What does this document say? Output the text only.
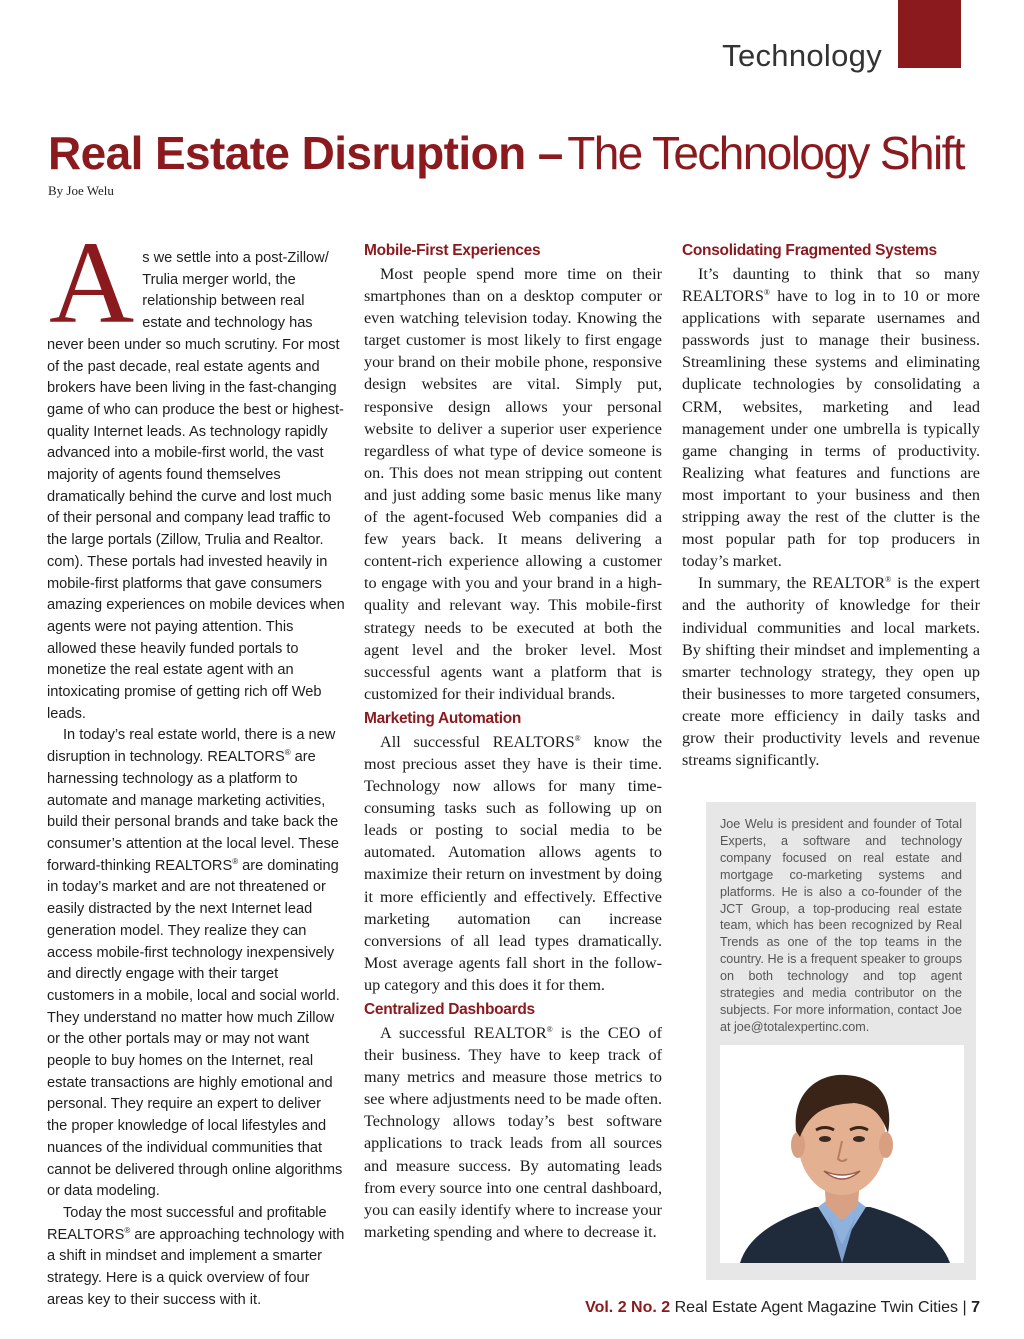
Technology
Real Estate Disruption – The Technology Shift
By Joe Welu
A s we settle into a post-Zillow/ Trulia merger world, the relationship between real estate and technology has never been under so much scrutiny. For most of the past decade, real estate agents and brokers have been living in the fast-changing game of who can produce the best or highest-quality Internet leads. As technology rapidly advanced into a mobile-first world, the vast majority of agents found themselves dramatically behind the curve and lost much of their personal and company lead traffic to the large portals (Zillow, Trulia and Realtor. com). These portals had invested heavily in mobile-first platforms that gave consumers amazing experiences on mobile devices when agents were not paying attention. This allowed these heavily funded portals to monetize the real estate agent with an intoxicating promise of getting rich off Web leads.

In today’s real estate world, there is a new disruption in technology. REALTORS® are harnessing technology as a platform to automate and manage marketing activities, build their personal brands and take back the consumer’s attention at the local level. These forward-thinking REALTORS® are dominating in today’s market and are not threatened or easily distracted by the next Internet lead generation model. They realize they can access mobile-first technology inexpensively and directly engage with their target customers in a mobile, local and social world. They understand no matter how much Zillow or the other portals may or may not want people to buy homes on the Internet, real estate transactions are highly emotional and personal. They require an expert to deliver the proper knowledge of local lifestyles and nuances of the individual communities that cannot be delivered through online algorithms or data modeling.

Today the most successful and profitable REALTORS® are approaching technology with a shift in mindset and implement a smarter strategy. Here is a quick overview of four areas key to their success with it.

Mobile-First Experiences

Most people spend more time on their smartphones than on a desktop computer or even watching television today. Knowing the target customer is most likely to first engage your brand on their mobile phone, responsive design websites are vital. Simply put, responsive design allows your personal website to deliver a superior user experience regardless of what type of device someone is on. This does not mean stripping out content and just adding some basic menus like many of the agent-focused Web companies did a few years back. It means delivering a content-rich experience allowing a customer to engage with you and your brand in a high-quality and relevant way. This mobile-first strategy needs to be executed at both the agent level and the broker level. Most successful agents want a platform that is customized for their individual brands.

Marketing Automation

All successful REALTORS® know the most precious asset they have is their time. Technology now allows for many time-consuming tasks such as following up on leads or posting to social media to be automated. Automation allows agents to maximize their return on investment by doing it more efficiently and effectively. Effective marketing automation can increase conversions of all lead types dramatically. Most average agents fall short in the follow-up category and this does it for them.

Centralized Dashboards

A successful REALTOR® is the CEO of their business. They have to keep track of many metrics and measure those metrics to see where adjustments need to be made often. Technology allows today’s best software applications to track leads from all sources and measure success. By automating leads from every source into one central dashboard, you can easily identify where to increase your marketing spending and where to decrease it.

Consolidating Fragmented Systems

It’s daunting to think that so many REALTORS® have to log in to 10 or more applications with separate usernames and passwords just to manage their business. Streamlining these systems and eliminating duplicate technologies by consolidating a CRM, websites, marketing and lead management under one umbrella is typically game changing in terms of productivity. Realizing what features and functions are most important to your business and then stripping away the rest of the clutter is the most popular path for top producers in today’s market.

In summary, the REALTOR® is the expert and the authority of knowledge for their individual communities and local markets. By shifting their mindset and implementing a smarter technology strategy, they open up their businesses to more targeted consumers, create more efficiency in daily tasks and grow their productivity levels and revenue streams significantly.

Joe Welu is president and founder of Total Experts, a software and technology company focused on real estate and mortgage co-marketing systems and platforms. He is also a co-founder of the JCT Group, a top-producing real estate team, which has been recognized by Real Trends as one of the top teams in the country. He is a frequent speaker to groups on both technology and top agent strategies and media contributor on the subjects. For more information, contact Joe at joe@totalexpertinc.com.
Vol. 2 No. 2 Real Estate Agent Magazine Twin Cities | 7
